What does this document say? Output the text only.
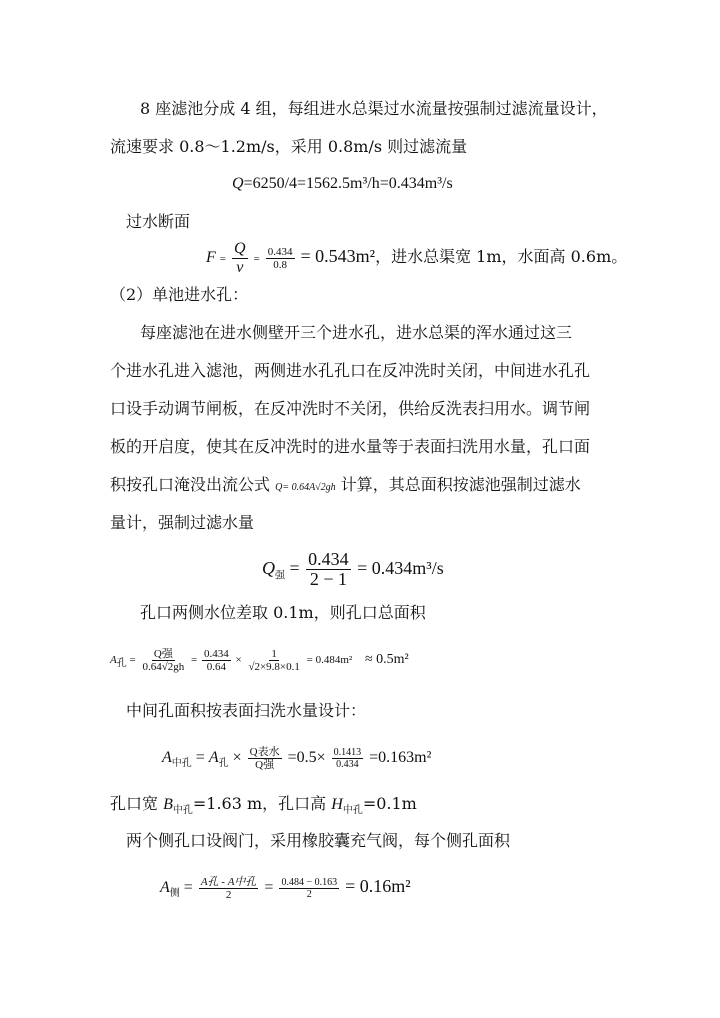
8 座滤池分成 4 组，每组进水总渠过水流量按强制过滤流量设计，
流速要求 0.8～1.2m/s，采用 0.8m/s 则过滤流量
Q=6250/4=1562.5m³/h=0.434m³/s
过水断面
$F = \frac{Q}{v} = \frac{0.434}{0.8} = 0.543m^2$，进水总渠宽 1m，水面高 0.6m。
（2）单池进水孔：
每座滤池在进水侧壁开三个进水孔，进水总渠的浑水通过这三
个进水孔进入滤池，两侧进水孔孔口在反冲洗时关闭，中间进水孔孔
口设手动调节闸板，在反冲洗时不关闭，供给反洗表扫用水。调节闸
板的开启度，使其在反冲洗时的进水量等于表面扫洗用水量，孔口面
积按孔口淹没出流公式 Q= 0.64A√2gh 计算，其总面积按滤池强制过滤水
量计，强制过滤水量
$Q_强 = \frac{0.434}{2 - 1} = 0.434m^3/s$
孔口两侧水位差取 0.1m，则孔口总面积
$A_孔 = \frac{\text{Q强}}{0.64√2gh} = \frac{0.434}{0.64} \times \frac{1}{√2\times 9.8\times 0.1} = 0.484m^2 \approx 0.5m^2$
中间孔面积按表面扫洗水量设计：
$A_{中孔} = A_孔 \times \frac{\text{Q表水}}{\text{Q强}} =0.5\times \frac{0.1413}{0.434} =0.163m^2$
孔口宽 $B_{中孔}=1.63$ m，孔口高 $H_{中孔}=0.1m$
两个侧孔口设阀门，采用橡胶囊充气阀，每个侧孔面积
$A_侧 = \frac{\text{A孔 - A中孔}}{2} = \frac{0.484 - 0.163}{2} = 0.16m^2$
